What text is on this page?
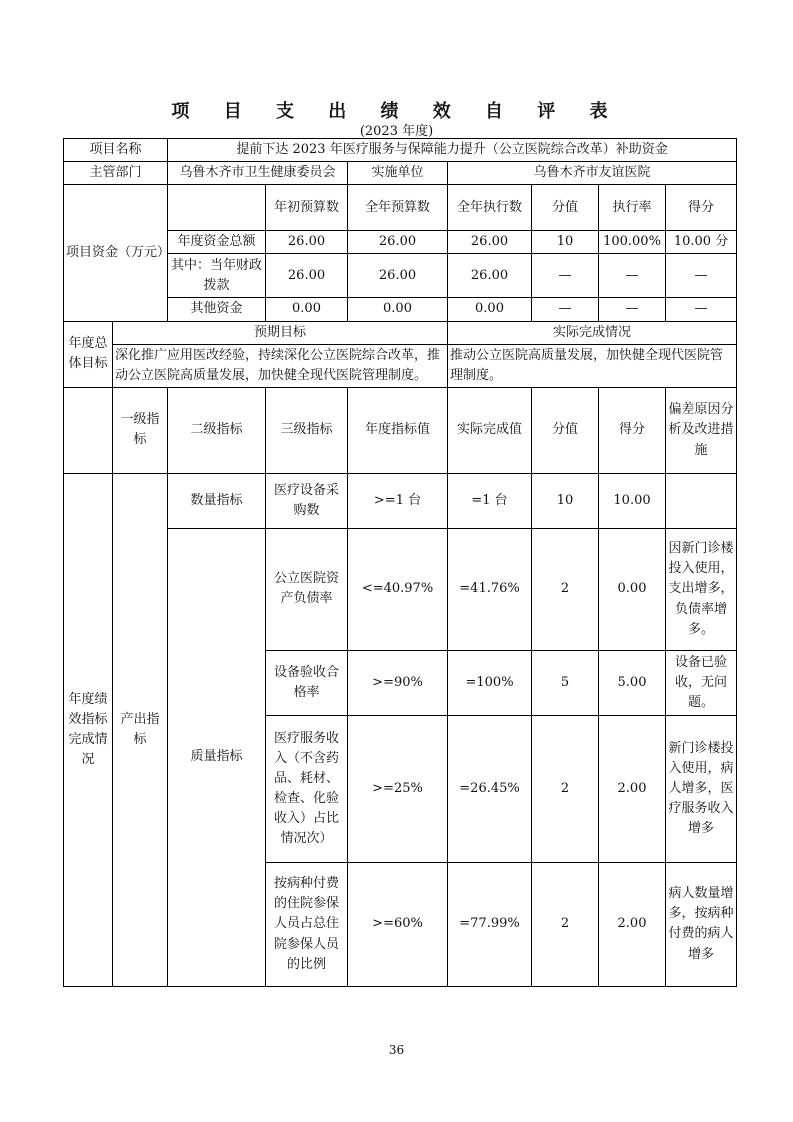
项 目 支 出 绩 效 自 评 表
(2023 年度)
项目名称		提前下达 2023 年医疗服务与保障能力提升（公立医院综合改革）补助资金						
主管部门		乌鲁木齐市卫生健康委员会		实施单位	乌鲁木齐市友谊医院			
项目资金（万元）			年初预算数	全年预算数	全年执行数	分值	执行率	得分
		年度资金总额	26.00	26.00	26.00	10	100.00%	10.00 分
		其中：当年财政拨款	26.00	26.00	26.00	—	—	—
		其他资金	0.00	0.00	0.00	—	—	—
年度总体目标	预期目标				实际完成情况			
	深化推广应用医改经验，持续深化公立医院综合改革，推动公立医院高质量发展，加快健全现代医院管理制度。				推动公立医院高质量发展，加快健全现代医院管理制度。			
	一级指标	二级指标	三级指标	年度指标值	实际完成值	分值	得分	偏差原因分析及改进措施
年度绩效指标完成情况	产出指标	数量指标	医疗设备采购数	>=1 台	=1 台	10	10.00	
		质量指标	公立医院资产负债率	<=40.97%	=41.76%	2	0.00	因新门诊楼投入使用，支出增多，负债率增多。
			设备验收合格率	>=90%	=100%	5	5.00	设备已验收，无问题。
			医疗服务收入（不含药品、耗材、检查、化验收入）占比情况次）	>=25%	=26.45%	2	2.00	新门诊楼投入使用，病人增多，医疗服务收入增多
			按病种付费的住院参保人员占总住院参保人员的比例	>=60%	=77.99%	2	2.00	病人数量增多，按病种付费的病人增多
36
